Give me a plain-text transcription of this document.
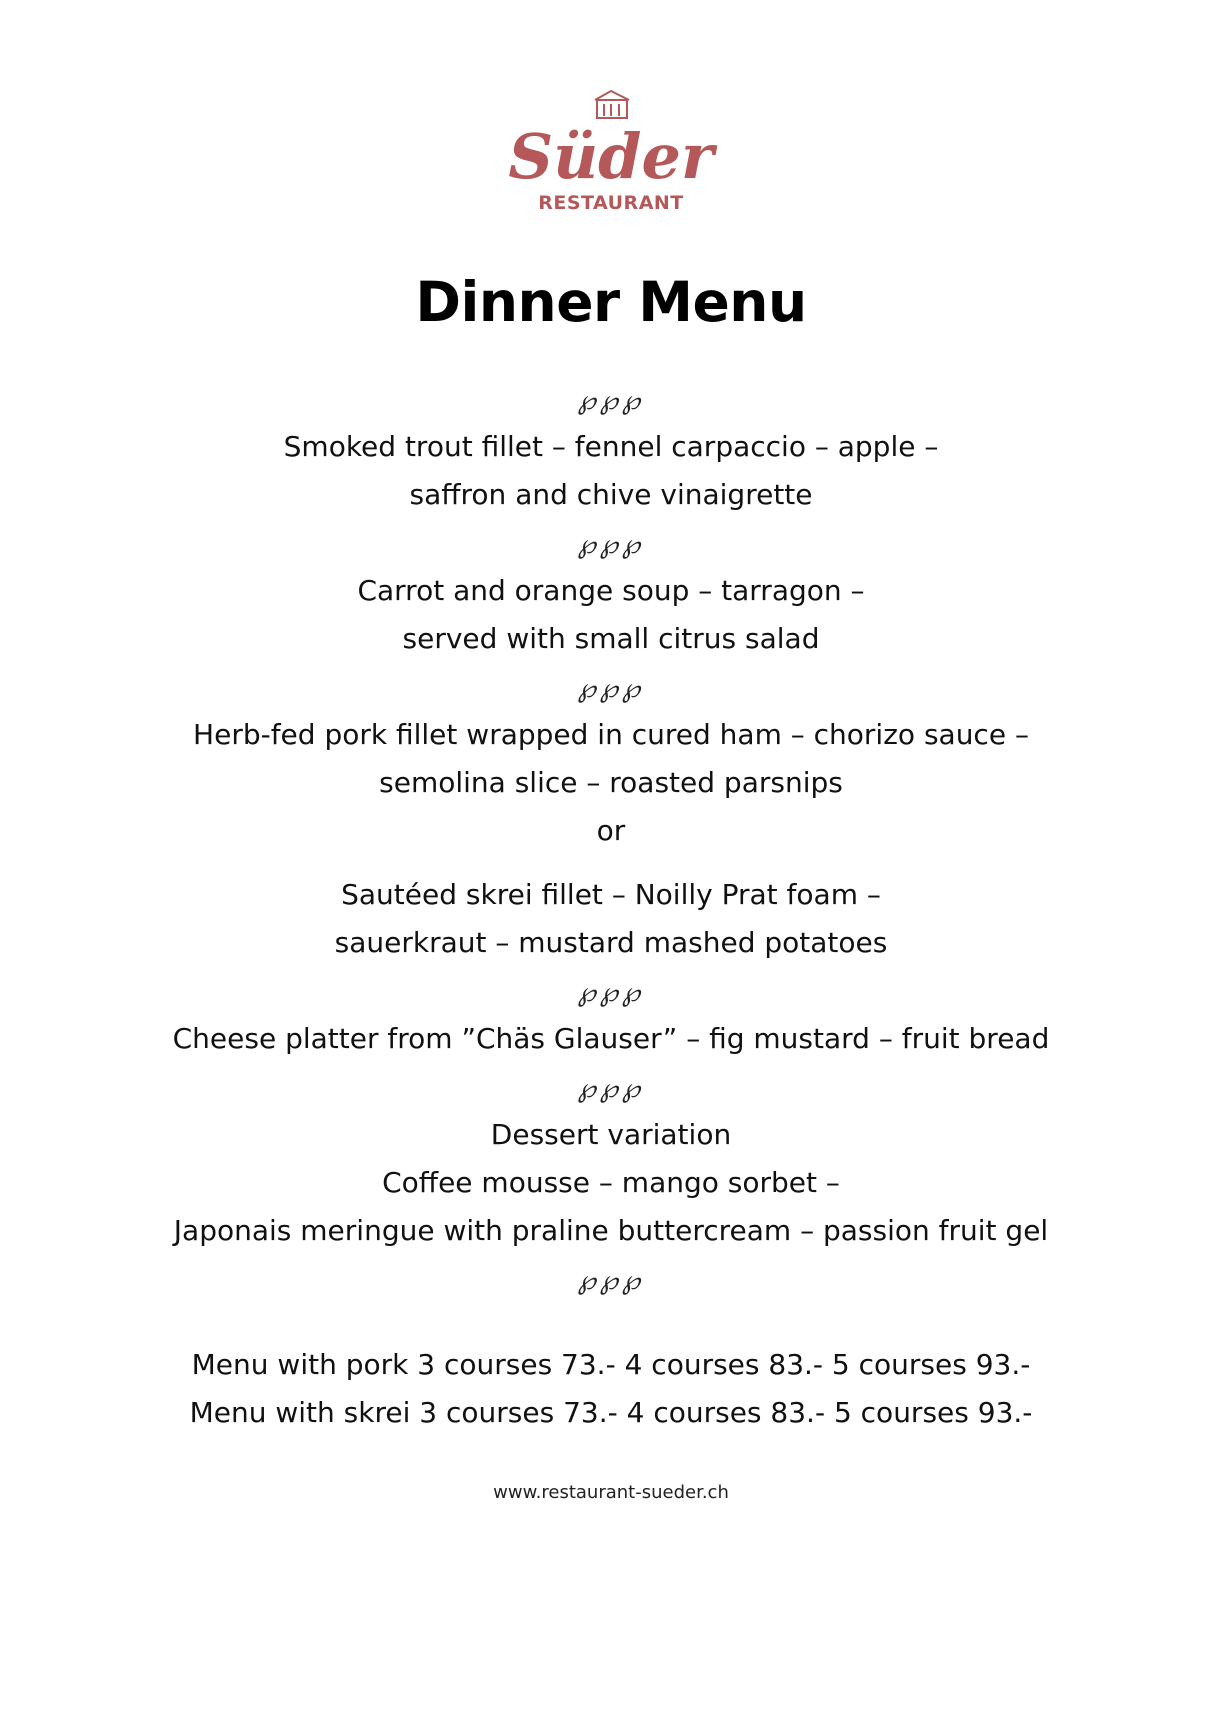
Süder
RESTAURANT
Dinner Menu
℘℘℘
Smoked trout fillet – fennel carpaccio – apple –
saffron and chive vinaigrette
℘℘℘
Carrot and orange soup – tarragon –
served with small citrus salad
℘℘℘
Herb-fed pork fillet wrapped in cured ham – chorizo sauce –
semolina slice – roasted parsnips
or
Sautéed skrei fillet – Noilly Prat foam –
sauerkraut – mustard mashed potatoes
℘℘℘
Cheese platter from ”Chäs Glauser” – fig mustard – fruit bread
℘℘℘
Dessert variation
Coffee mousse – mango sorbet –
Japonais meringue with praline buttercream – passion fruit gel
℘℘℘
Menu with pork 3 courses 73.- 4 courses 83.- 5 courses 93.-
Menu with skrei 3 courses 73.- 4 courses 83.- 5 courses 93.-
www.restaurant-sueder.ch
